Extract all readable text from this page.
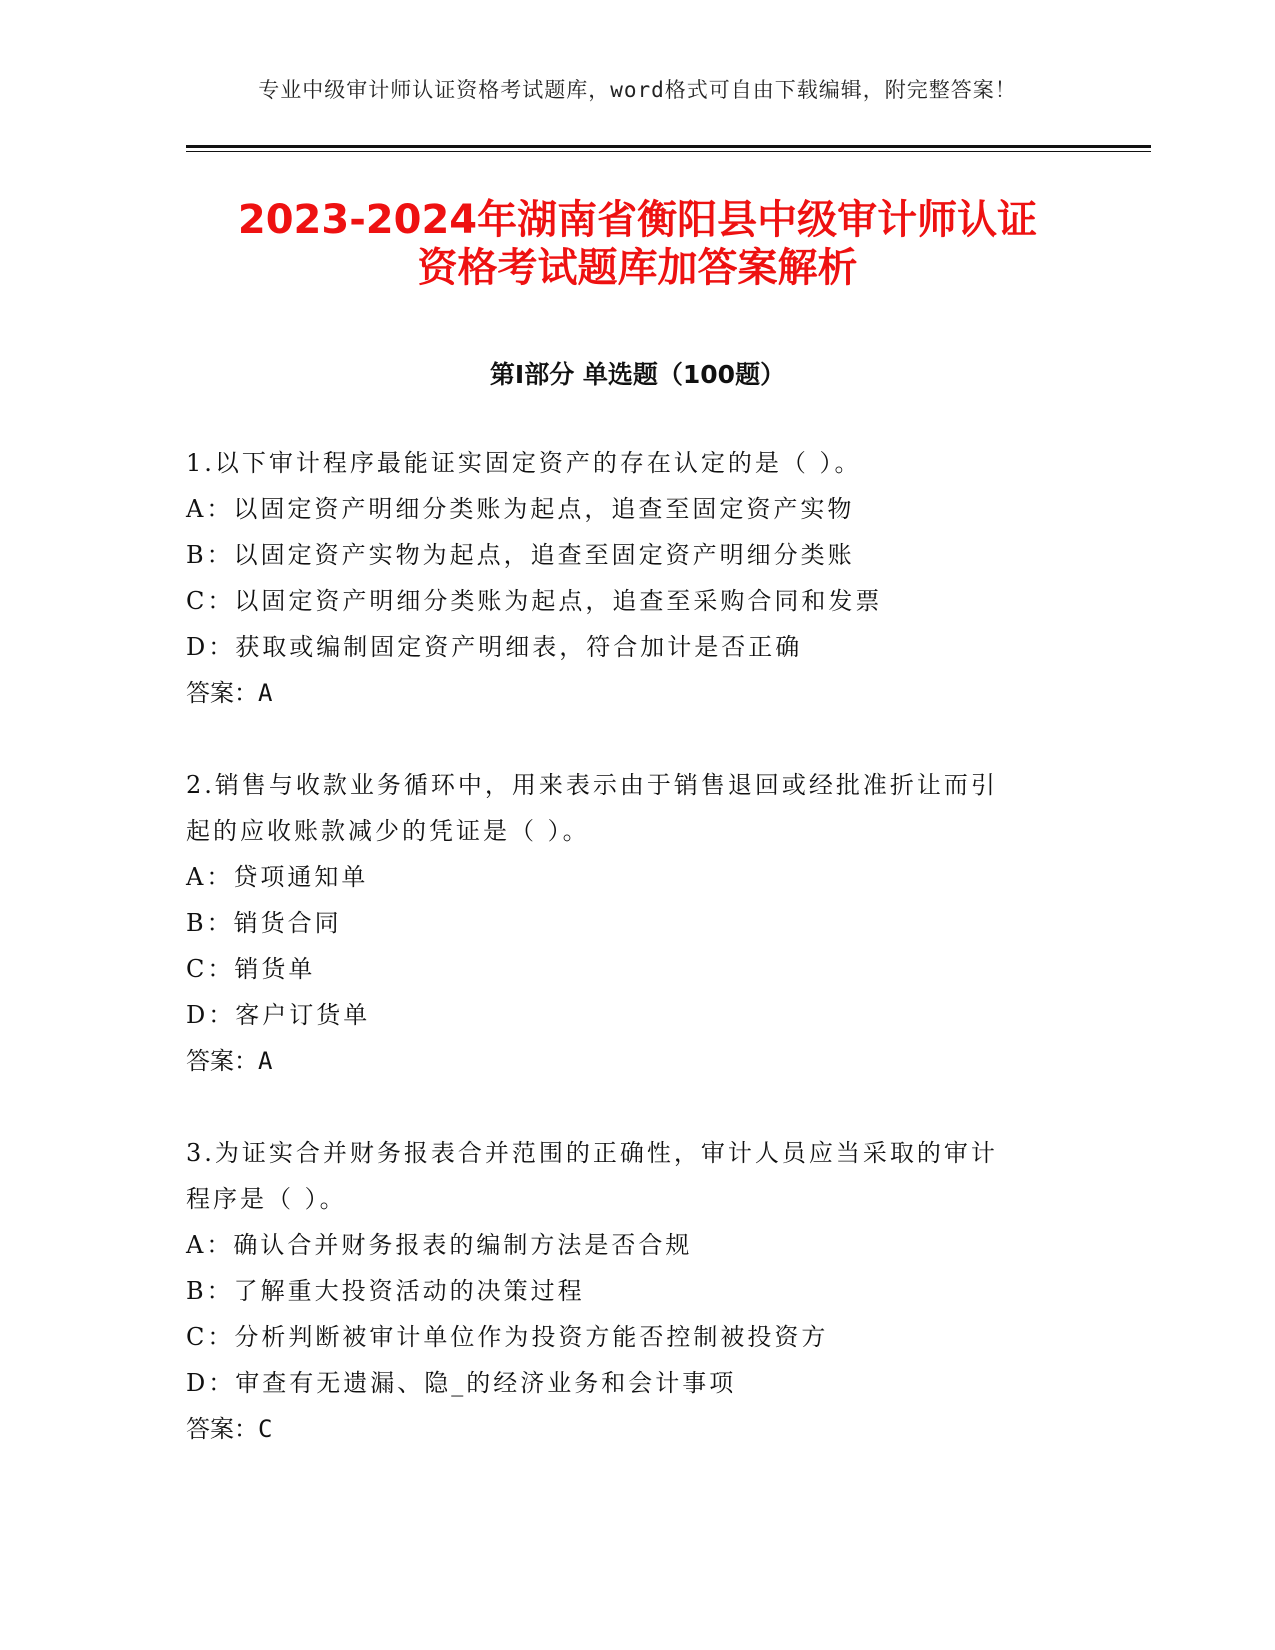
专业中级审计师认证资格考试题库，word格式可自由下载编辑，附完整答案！
2023-2024年湖南省衡阳县中级审计师认证
资格考试题库加答案解析
第Ⅰ部分 单选题（100题）
1.以下审计程序最能证实固定资产的存在认定的是（ ）。
A：以固定资产明细分类账为起点，追查至固定资产实物
B：以固定资产实物为起点，追查至固定资产明细分类账
C：以固定资产明细分类账为起点，追查至采购合同和发票
D：获取或编制固定资产明细表，符合加计是否正确
答案：A
2.销售与收款业务循环中，用来表示由于销售退回或经批准折让而引
起的应收账款减少的凭证是（ ）。
A：贷项通知单
B：销货合同
C：销货单
D：客户订货单
答案：A
3.为证实合并财务报表合并范围的正确性，审计人员应当采取的审计
程序是（ ）。
A：确认合并财务报表的编制方法是否合规
B：了解重大投资活动的决策过程
C：分析判断被审计单位作为投资方能否控制被投资方
D：审查有无遗漏、隐_的经济业务和会计事项
答案：C
